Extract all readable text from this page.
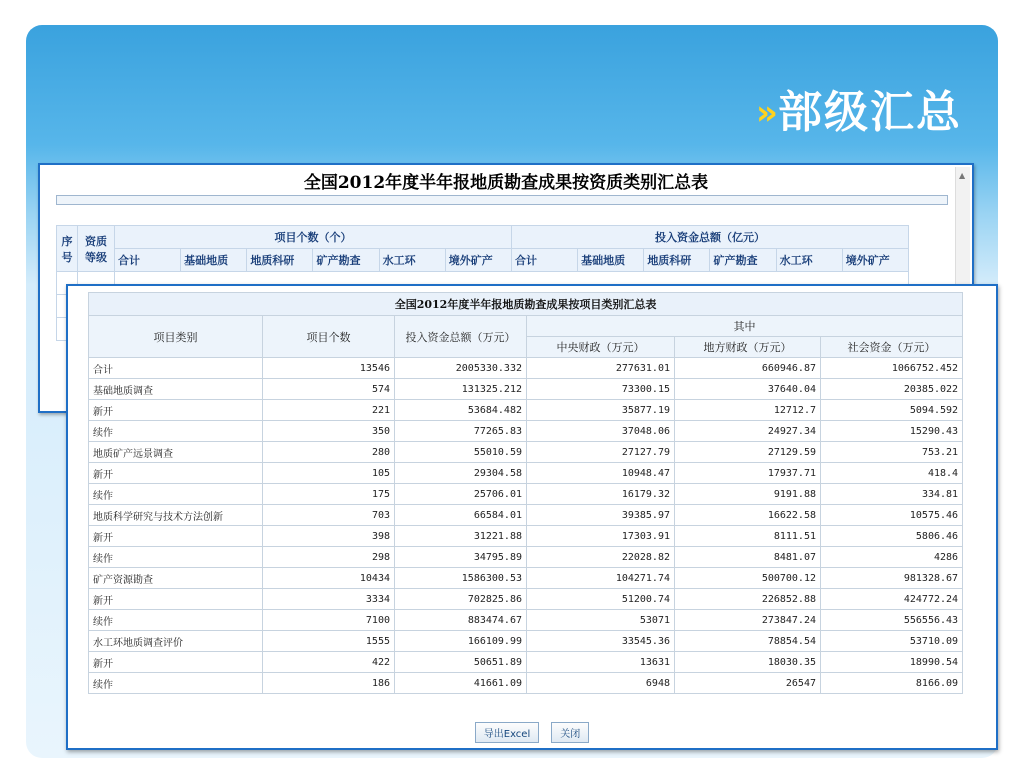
» 部级汇总
全国2012年度半年报地质勘查成果按资质类别汇总表	▲
序号	资质等级	项目个数（个）						投入资金总额（亿元）					
		合计	基础地质	地质科研	矿产勘查	水工环	境外矿产	合计	基础地质	地质科研	矿产勘查	水工环	境外矿产

全国2012年度半年报地质勘查成果按项目类别汇总表					
项目类别	项目个数	投入资金总额（万元）	其中		
			中央财政（万元）	地方财政（万元）	社会资金（万元）
合计	13546	2005330.332	277631.01	660946.87	1066752.452
基础地质调查	574	131325.212	73300.15	37640.04	20385.022
新开	221	53684.482	35877.19	12712.7	5094.592
续作	350	77265.83	37048.06	24927.34	15290.43
地质矿产远景调查	280	55010.59	27127.79	27129.59	753.21
新开	105	29304.58	10948.47	17937.71	418.4
续作	175	25706.01	16179.32	9191.88	334.81
地质科学研究与技术方法创新	703	66584.01	39385.97	16622.58	10575.46
新开	398	31221.88	17303.91	8111.51	5806.46
续作	298	34795.89	22028.82	8481.07	4286
矿产资源勘查	10434	1586300.53	104271.74	500700.12	981328.67
新开	3334	702825.86	51200.74	226852.88	424772.24
续作	7100	883474.67	53071	273847.24	556556.43
水工环地质调查评价	1555	166109.99	33545.36	78854.54	53710.09
新开	422	50651.89	13631	18030.35	18990.54
续作	186	41661.09	6948	26547	8166.09
导出Excel	关闭
